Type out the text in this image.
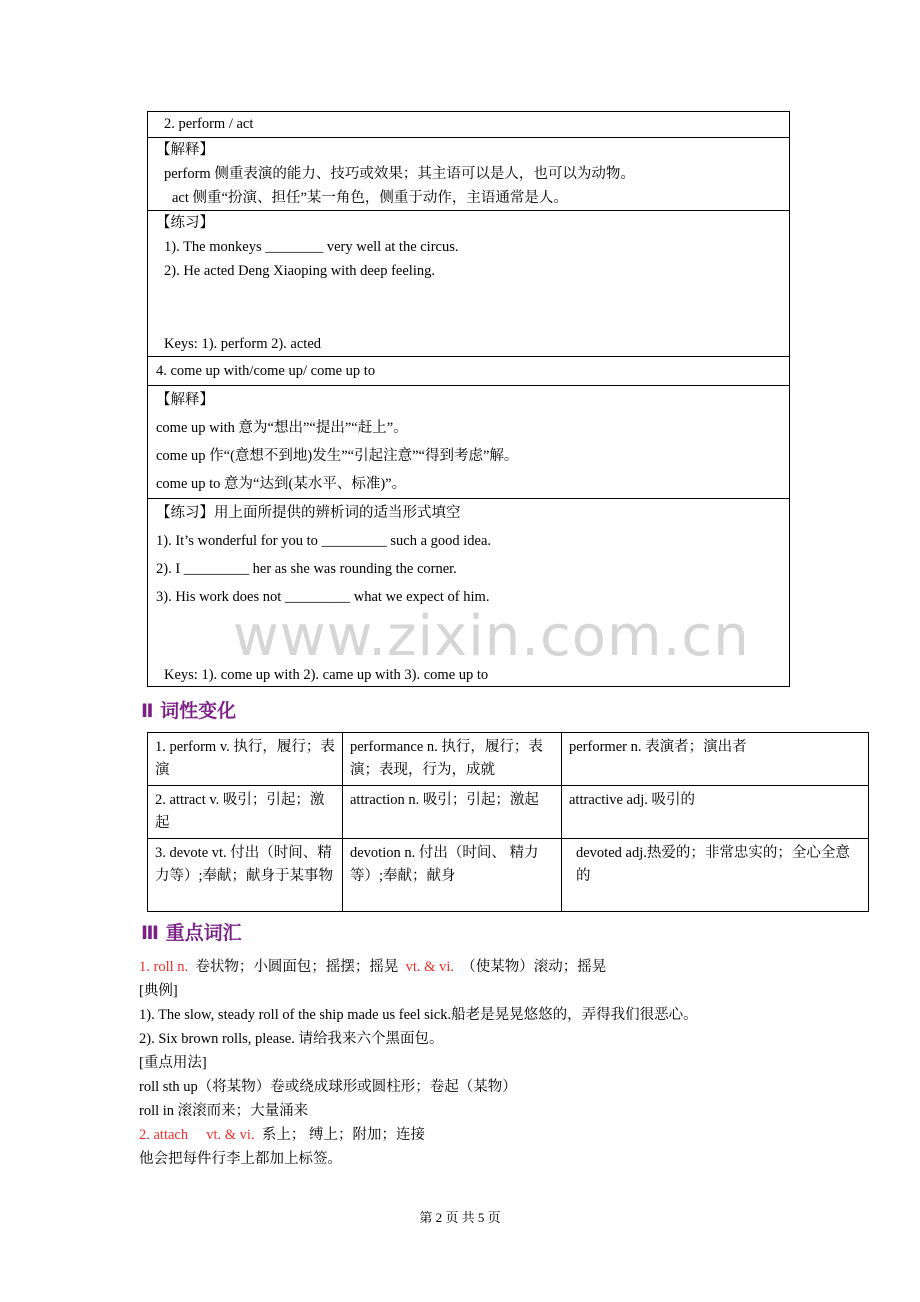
www.zixin.com.cn
2. perform / act

【解释】
perform 侧重表演的能力、技巧或效果；其主语可以是人，也可以为动物。
act 侧重“扮演、担任”某一角色，侧重于动作，主语通常是人。

【练习】
1). The monkeys ________ very well at the circus.
2). He acted Deng Xiaoping with deep feeling.
Keys: 1). perform 2). acted

4. come up with/come up/ come up to

【解释】
come up with 意为“想出”“提出”“赶上”。
come up 作“(意想不到地)发生”“引起注意”“得到考虑”解。
come up to 意为“达到(某水平、标准)”。

【练习】用上面所提供的辨析词的适当形式填空
1). It’s wonderful for you to _________ such a good idea.
2). I _________ her as she was rounding the corner.
3). His work does not _________ what we expect of him.
Keys: 1). come up with 2). came up with 3). come up to
Ⅱ 词性变化
1. perform v. 执行，履行；表演	performance n. 执行，履行；表演；表现，行为，成就	performer n. 表演者；演出者
2. attract v. 吸引；引起；激起	attraction n. 吸引；引起；激起	attractive adj. 吸引的
3. devote vt. 付出（时间、精力等）;奉献；献身于某事物	devotion n. 付出（时间、 精力等）;奉献；献身	devoted adj.热爱的；非常忠实的；全心全意的
Ⅲ 重点词汇
1. roll n. 卷状物；小圆面包；摇摆；摇晃 vt. & vi. （使某物）滚动；摇晃
[典例]
1). The slow, steady roll of the ship made us feel sick.船老是晃晃悠悠的，弄得我们很恶心。
2). Six brown rolls, please. 请给我来六个黑面包。
[重点用法]
roll sth up（将某物）卷或绕成球形或圆柱形；卷起（某物）
roll in 滚滚而来；大量涌来
2. attach vt. & vi. 系上； 缚上；附加；连接
他会把每件行李上都加上标签。
第 2 页 共 5 页
